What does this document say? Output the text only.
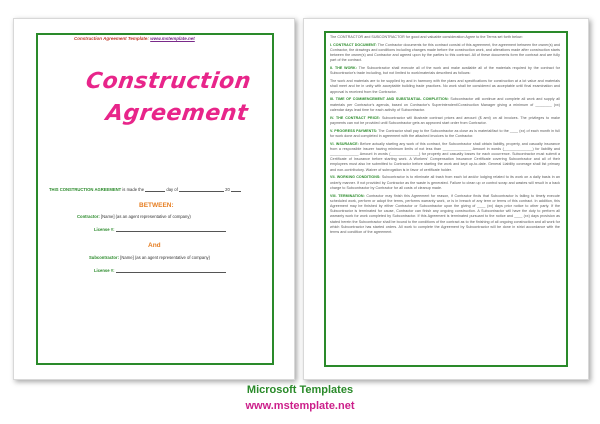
Construction Agreement Template: www.mstemplate.net
Construction
Agreement
THIS CONSTRUCTION AGREEMENT is made the	day of	20
BETWEEN:
Contractor: [Name] (as an agent representative of company)
License #:
And
Subcontractor: [Name] (as an agent representative of company)
License #:

The CONTRACTOR and SUBCONTRACTOR for good and valuable consideration Agree to the Terms set forth below:

I. CONTRACT DOCUMENT: The Contractor documents for this contract consist of this agreement, the agreement between the owner(s) and Contractor, the drawings and conditions including changes made before the construction work, and alterations made after construction starts between the owner(s) and Contractor and agreed upon by the parties to this contract. All of these documents form the contract and are fully part of the contract.

II. THE WORK: The Subcontractor shall execute all of the work and make available all of the materials required by the contract for Subcontractor's trade including, but not limited to work/materials described as follows:

The work and materials are to be supplied by and in harmony with the plans and specifications for construction at a lot value and materials shall meet and be in unity with acceptable building trade practices. No work shall be considered as acceptable until final examination and approval is received from the Contractor.

III. TIME OF COMMENCEMENT AND SUBSTANTIAL COMPLETION: Subcontractor will continue and complete all work and supply all materials per Contractor's agenda, based on Contractor's Superintendent/Construction Manager giving a minimum of ________ (xx) calendar days lead time for each activity of Subcontractor.

IV. THE CONTRACT PRICE: Subcontractor will illustrate contract prices and amount ($ amt) on all invoices. The privileges to make payments can not be provided until Subcontractor gets an approved start order from Contractor.

V. PROGRESS PAYMENTS: The Contractor shall pay to the Subcontractor as close as is material/fact to the ____ (xx) of each month in full for work done and completed in agreement with the attached invoices to the Contractor.

VI. INSURANCE: Before actually starting any work of this contract, the Subcontractor shall obtain liability, property, and casualty insurance from a responsible insurer having minimum limits of not less than ______________ Amount in words (______________) for liability and ______________ Amount in words (______________) for property and casualty losses for each occurrence. Subcontractor must submit a Certificate of Insurance before starting work. A Workers' Compensation Insurance Certificate covering Subcontractor and all of their employees must also be submitted to Contractor before starting the work and kept up-to-date. General Liability coverage shall list primary and non-contributory. Waiver of subrogation is in favor of certificate holder.

VII. WORKING CONDITIONS: Subcontractor is to eliminate all trash from each lot and/or lodging related to its work on a daily basis in an orderly manner. If not provided by Contractor as the waste is generated. Failure to clean up or control scrap and wastes will result in a back charge to Subcontractor by Contractor for all costs of cleanup made.

VIII. TERMINATION: Contractor may finish this Agreement for reason, if Contractor finds that Subcontractor is failing to timely execute scheduled work, perform or adopt the terms, performs warranty work, or is in breach of any term or terms of this contract. In addition, this Agreement may be finished by either Contractor or Subcontractor upon the giving of ____ (xx) days prior notice to other party. If the Subcontractor is terminated for cause, Contractor can finish any ongoing construction. A Subcontractor will have the duty to perform all warranty work for work completed by Subcontractor. If this Agreement is terminated pursuant to the notice and ____ (xx) days provision as stated herein the Subcontractor shall be bound to the conditions of the contract as to the finishing of all ongoing construction and all work for which Subcontractor has started orders. All work to complete the Agreement by Subcontractor will be done in strict accordance with the terms and condition of the agreement.

Microsoft Templates
www.mstemplate.net
